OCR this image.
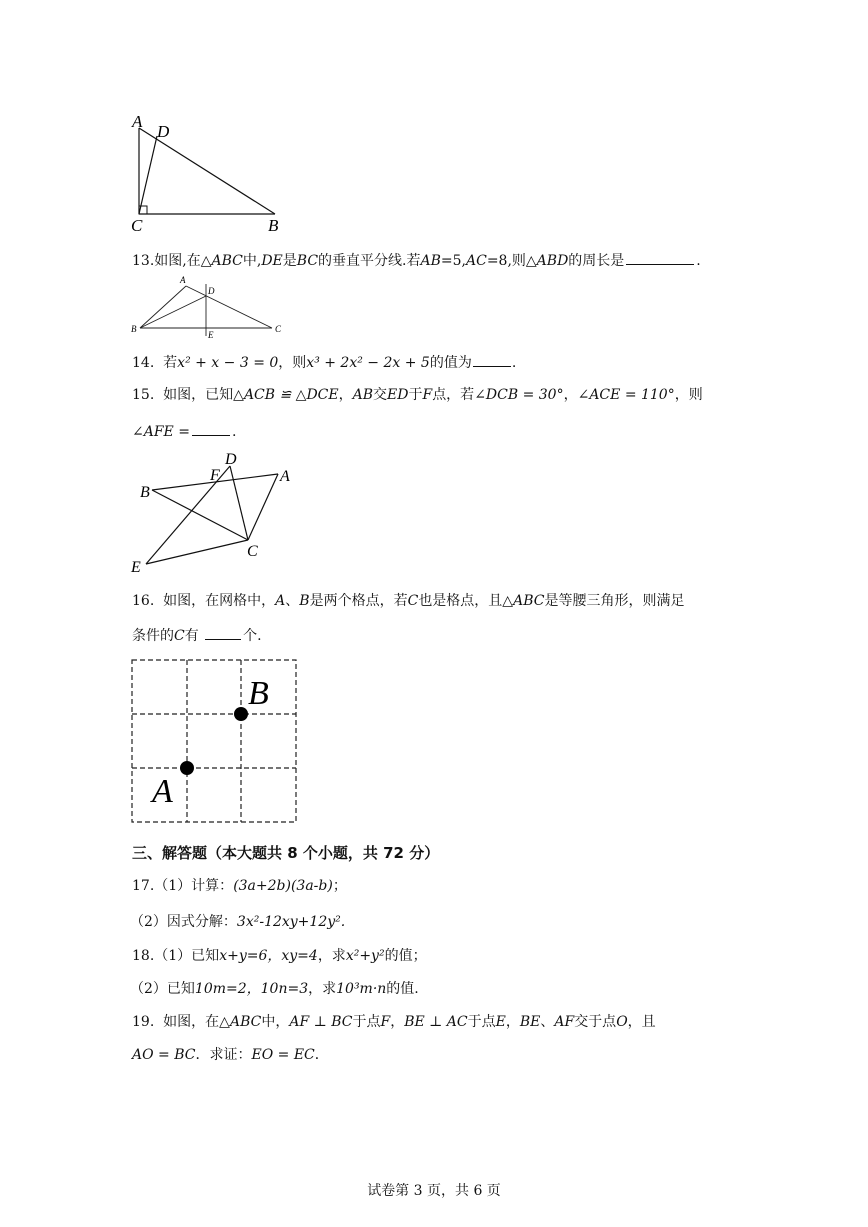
A
D
C	B
13.如图,在△ABC中,DE是BC的垂直平分线.若AB=5,AC=8,则△ABD的周长是	.
A
D
B
E
C
14. 若x² + x − 3 = 0，则x³ + 2x² − 2x + 5的值为	.
15. 如图，已知△ACB ≌ △DCE，AB交ED于F点，若∠DCB = 30°，∠ACE = 110°，则
∠AFE =	.
D
F	A
B
C
E
16. 如图，在网格中，A、B是两个格点，若C也是格点，且△ABC是等腰三角形，则满足
条件的C有	个.
B
A
三、解答题（本大题共 8 个小题，共 72 分）
17.（1）计算：(3a+2b)(3a-b)；
（2）因式分解：3x²-12xy+12y².
18.（1）已知x+y=6，xy=4，求x²+y²的值；
（2）已知10m=2，10n=3，求10³m·n的值.
19. 如图，在△ABC中，AF ⊥ BC于点F，BE ⊥ AC于点E，BE、AF交于点O，且
AO = BC．求证：EO = EC．
试卷第 3 页，共 6 页
